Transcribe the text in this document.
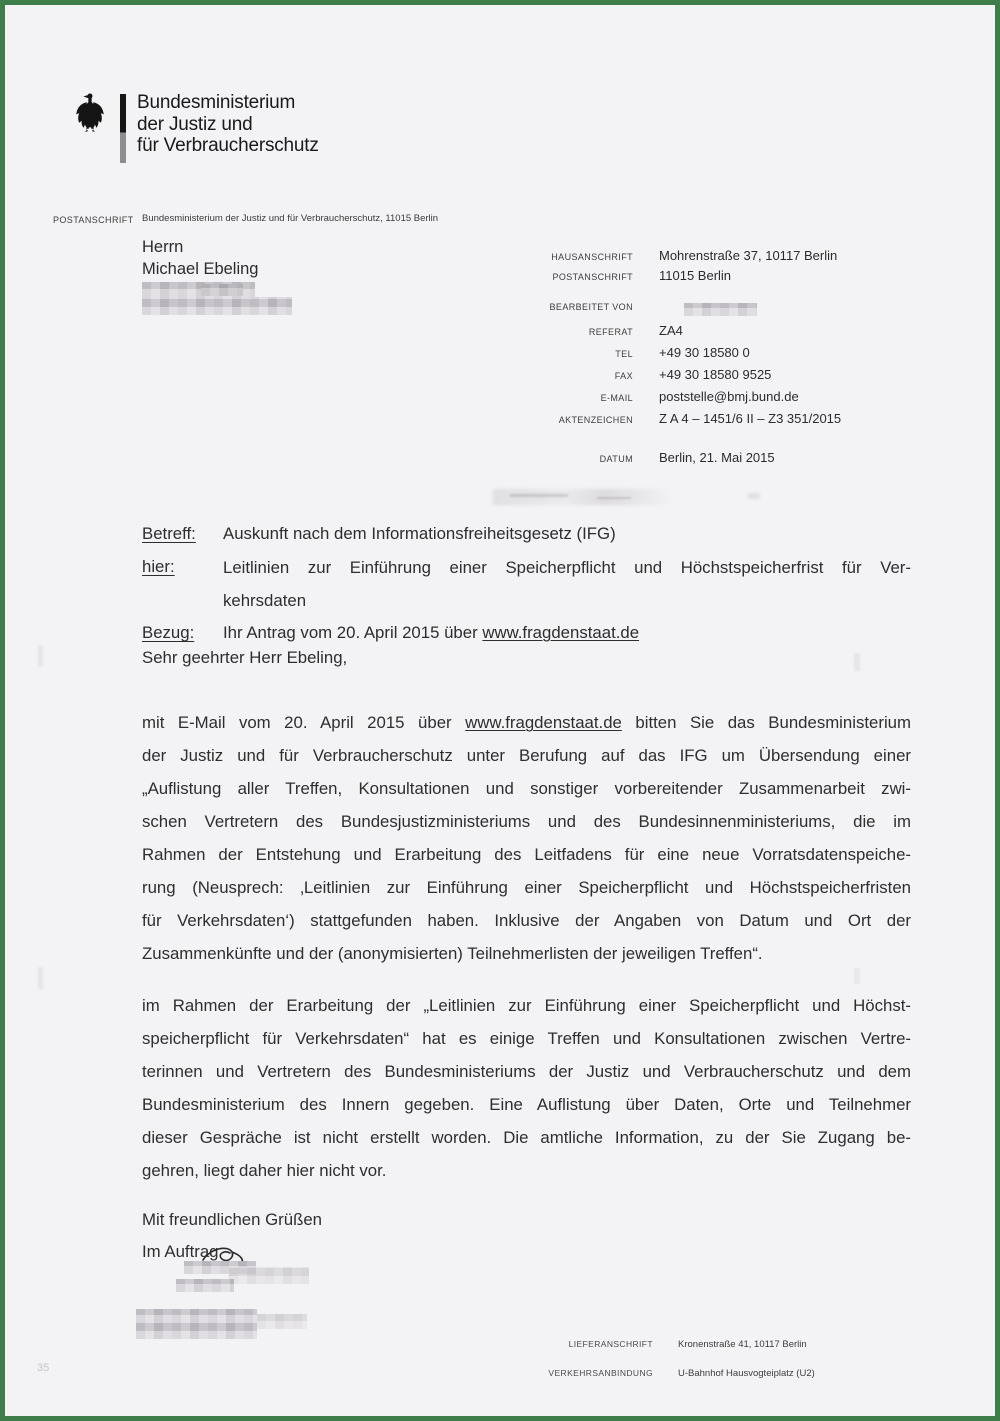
Bundesministerium
der Justiz und
für Verbraucherschutz
POSTANSCHRIFT Bundesministerium der Justiz und für Verbraucherschutz, 11015 Berlin
Herrn
Michael Ebeling
HAUSANSCHRIFT	Mohrenstraße 37, 10117 Berlin
POSTANSCHRIFT	11015 Berlin
BEARBEITET VON
REFERAT	ZA4
TEL	+49 30 18580 0
FAX	+49 30 18580 9525
E-MAIL	poststelle@bmj.bund.de
AKTENZEICHEN	Z A 4 – 1451/6 II – Z3 351/2015
DATUM	Berlin, 21. Mai 2015
Betreff: Auskunft nach dem Informationsfreiheitsgesetz (IFG)
hier:	Leitlinien zur Einführung einer Speicherpflicht und Höchstspeicherfrist für Ver-
kehrsdaten
Bezug: Ihr Antrag vom 20. April 2015 über www.fragdenstaat.de
Sehr geehrter Herr Ebeling,
mit E-Mail vom 20. April 2015 über www.fragdenstaat.de bitten Sie das Bundesministerium
der Justiz und für Verbraucherschutz unter Berufung auf das IFG um Übersendung einer
„Auflistung aller Treffen, Konsultationen und sonstiger vorbereitender Zusammenarbeit zwi-
schen Vertretern des Bundesjustizministeriums und des Bundesinnenministeriums, die im
Rahmen der Entstehung und Erarbeitung des Leitfadens für eine neue Vorratsdatenspeiche-
rung (Neusprech: ‚Leitlinien zur Einführung einer Speicherpflicht und Höchstspeicherfristen
für Verkehrsdaten‘) stattgefunden haben. Inklusive der Angaben von Datum und Ort der
Zusammenkünfte und der (anonymisierten) Teilnehmerlisten der jeweiligen Treffen“.
im Rahmen der Erarbeitung der „Leitlinien zur Einführung einer Speicherpflicht und Höchst-
speicherpflicht für Verkehrsdaten“ hat es einige Treffen und Konsultationen zwischen Vertre-
terinnen und Vertretern des Bundesministeriums der Justiz und Verbraucherschutz und dem
Bundesministerium des Innern gegeben. Eine Auflistung über Daten, Orte und Teilnehmer
dieser Gespräche ist nicht erstellt worden. Die amtliche Information, zu der Sie Zugang be-
gehren, liegt daher hier nicht vor.
Mit freundlichen Grüßen
Im Auftrag
LIEFERANSCHRIFT	Kronenstraße 41, 10117 Berlin
VERKEHRSANBINDUNG	U-Bahnhof Hausvogteiplatz (U2)
35
